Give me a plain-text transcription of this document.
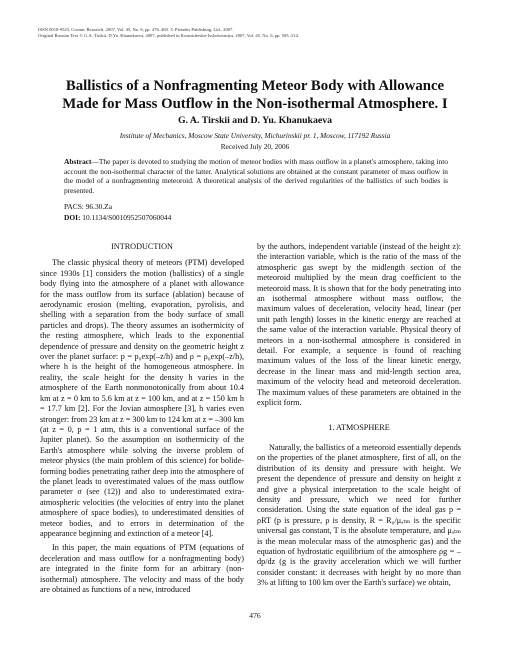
ISSN 0010-9525, Cosmic Research, 2007, Vol. 45, No. 6, pp. 476–483. © Pleiades Publishing, Ltd., 2007.
Original Russian Text © G.A. Tirskii, D.Yu. Khanukaeva, 2007, published in Kosmicheskie Issledovaniya, 2007, Vol. 45, No. 6, pp. 505–514.
Ballistics of a Nonfragmenting Meteor Body with Allowance
Made for Mass Outflow in the Non-isothermal Atmosphere. I
G. A. Tirskii and D. Yu. Khanukaeva
Institute of Mechanics, Moscow State University, Michurinskii pr. 1, Moscow, 117192 Russia
Received July 20, 2006
Abstract—The paper is devoted to studying the motion of meteor bodies with mass outflow in a planet's atmosphere, taking into account the non-isothermal character of the latter. Analytical solutions are obtained at the constant parameter of mass outflow in the model of a nonfragmenting meteoroid. A theoretical analysis of the derived regularities of the ballistics of such bodies is presented.
PACS: 96.30.Za
DOI: 10.1134/S0010952507060044
INTRODUCTION

The classic physical theory of meteors (PTM) developed since 1930s [1] considers the motion (ballistics) of a single body flying into the atmosphere of a planet with allowance for the mass outflow from its surface (ablation) because of aerodynamic erosion (melting, evaporation, pyrolisis, and shelling with a separation from the body surface of small particles and drops). The theory assumes an isothermicity of the resting atmosphere, which leads to the exponential dependence of pressure and density on the geometric height z over the planet surface: p = p₀exp(–z/h) and ρ = ρ₀exp(–z/h), where h is the height of the homogeneous atmosphere. In reality, the scale height for the density h varies in the atmosphere of the Earth nonmonotonically from about 10.4 km at z = 0 km to 5.6 km at z = 100 km, and at z = 150 km h = 17.7 km [2]. For the Jovian atmosphere [3], h varies even stronger: from 23 km at z = 300 km to 124 km at z = –300 km (at z = 0, p = 1 atm, this is a conventional surface of the Jupiter planet). So the assumption on isothermicity of the Earth's atmosphere while solving the inverse problem of meteor physics (the main problem of this science) for bolide-forming bodies penetrating rather deep into the atmosphere of the planet leads to overestimated values of the mass outflow parameter σ (see (12)) and also to underestimated extra-atmospheric velocities (the velocities of entry into the planet atmosphere of space bodies), to underestimated densities of meteor bodies, and to errors in determination of the appearance beginning and extinction of a meteor [4].

In this paper, the main equations of PTM (equations of deceleration and mass outflow for a nonfragmenting body) are integrated in the finite form for an arbitrary (non-isothermal) atmosphere. The velocity and mass of the body are obtained as functions of a new, introduced

by the authors, independent variable (instead of the height z): the interaction variable, which is the ratio of the mass of the atmospheric gas swept by the midlength section of the meteoroid multiplied by the mean drag coefficient to the meteoroid mass. It is shown that for the body penetrating into an isothermal atmosphere without mass outflow, the maximum values of deceleration, velocity head, linear (per unit path length) losses in the kinetic energy are reached at the same value of the interaction variable. Physical theory of meteors in a non-isothermal atmosphere is considered in detail. For example, a sequence is found of reaching maximum values of the loss of the linear kinetic energy, decrease in the linear mass and mid-length section area, maximum of the velocity head and meteoroid deceleration. The maximum values of these parameters are obtained in the explicit form.

1. ATMOSPHERE

Naturally, the ballistics of a meteoroid essentially depends on the properties of the planet atmosphere, first of all, on the distribution of its density and pressure with height. We present the dependence of pressure and density on height z and give a physical interpretation to the scale height of density and pressure, which we need for further consideration. Using the state equation of the ideal gas p = ρRT (p is pressure, ρ is density, R = R₀/μₐₜₘ is the specific universal gas constant, T is the absolute temperature, and μₐₜₘ is the mean molecular mass of the atmospheric gas) and the equation of hydrostatic equilibrium of the atmosphere ρg = –dp/dz (g is the gravity acceleration which we will further consider constant: it decreases with height by no more than 3% at lifting to 100 km over the Earth's surface) we obtain,

476
